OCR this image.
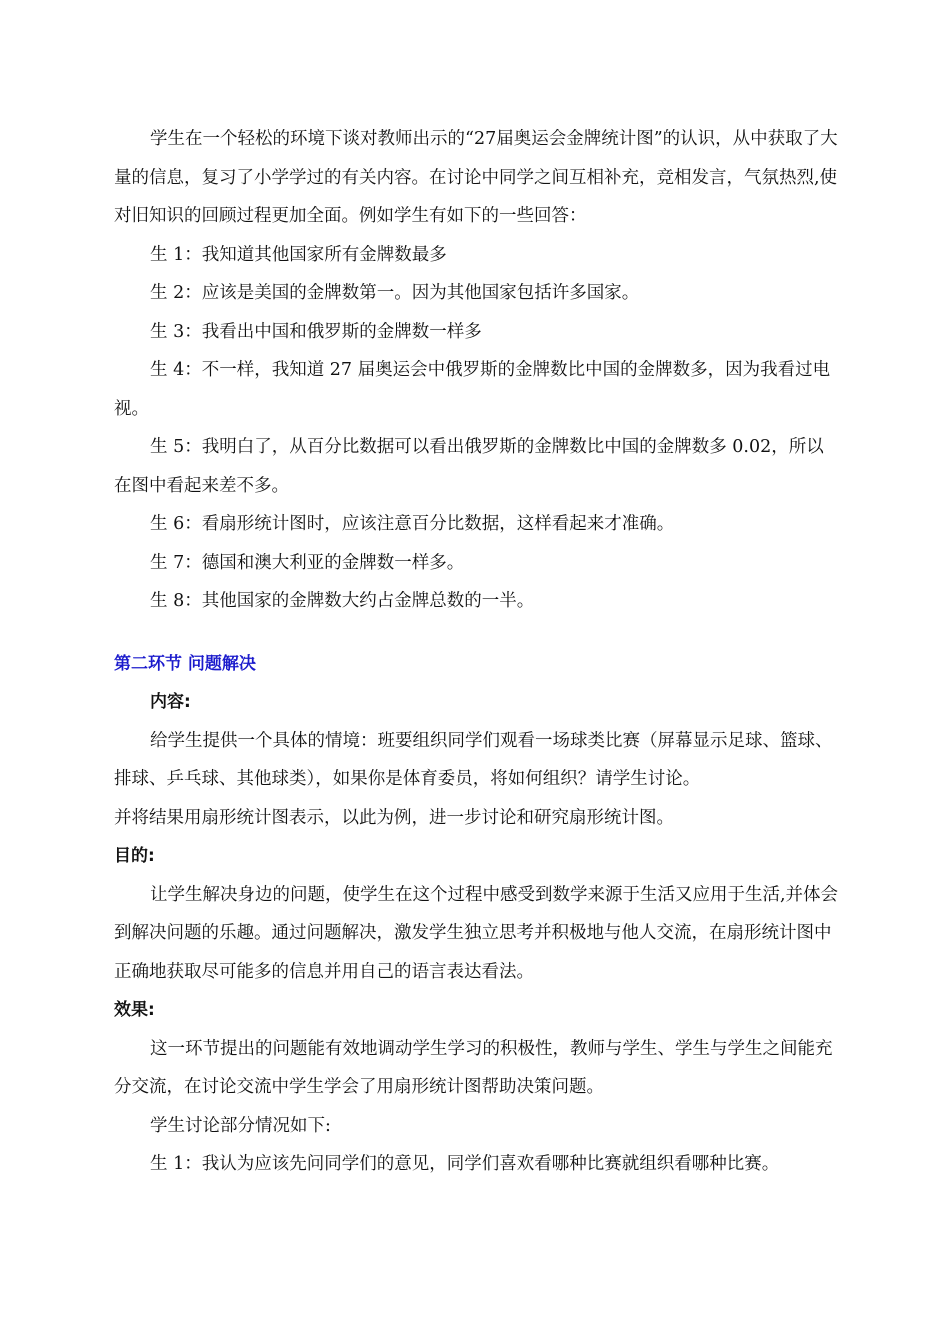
学生在一个轻松的环境下谈对教师出示的“27届奥运会金牌统计图”的认识，从中获取了大量的信息，复习了小学学过的有关内容。在讨论中同学之间互相补充，竞相发言，气氛热烈,使对旧知识的回顾过程更加全面。例如学生有如下的一些回答：

生 1：我知道其他国家所有金牌数最多

生 2：应该是美国的金牌数第一。因为其他国家包括许多国家。

生 3：我看出中国和俄罗斯的金牌数一样多

生 4：不一样，我知道 27 届奥运会中俄罗斯的金牌数比中国的金牌数多，因为我看过电视。

生 5：我明白了，从百分比数据可以看出俄罗斯的金牌数比中国的金牌数多 0.02，所以在图中看起来差不多。

生 6：看扇形统计图时，应该注意百分比数据，这样看起来才准确。

生 7：德国和澳大利亚的金牌数一样多。

生 8：其他国家的金牌数大约占金牌总数的一半。

第二环节 问题解决

内容:

给学生提供一个具体的情境：班要组织同学们观看一场球类比赛（屏幕显示足球、篮球、排球、乒乓球、其他球类），如果你是体育委员，将如何组织？请学生讨论。

并将结果用扇形统计图表示，以此为例，进一步讨论和研究扇形统计图。

目的:

让学生解决身边的问题，使学生在这个过程中感受到数学来源于生活又应用于生活,并体会到解决问题的乐趣。通过问题解决，激发学生独立思考并积极地与他人交流，在扇形统计图中正确地获取尽可能多的信息并用自己的语言表达看法。

效果:

这一环节提出的问题能有效地调动学生学习的积极性，教师与学生、学生与学生之间能充分交流，在讨论交流中学生学会了用扇形统计图帮助决策问题。

学生讨论部分情况如下:

生 1：我认为应该先问同学们的意见，同学们喜欢看哪种比赛就组织看哪种比赛。
